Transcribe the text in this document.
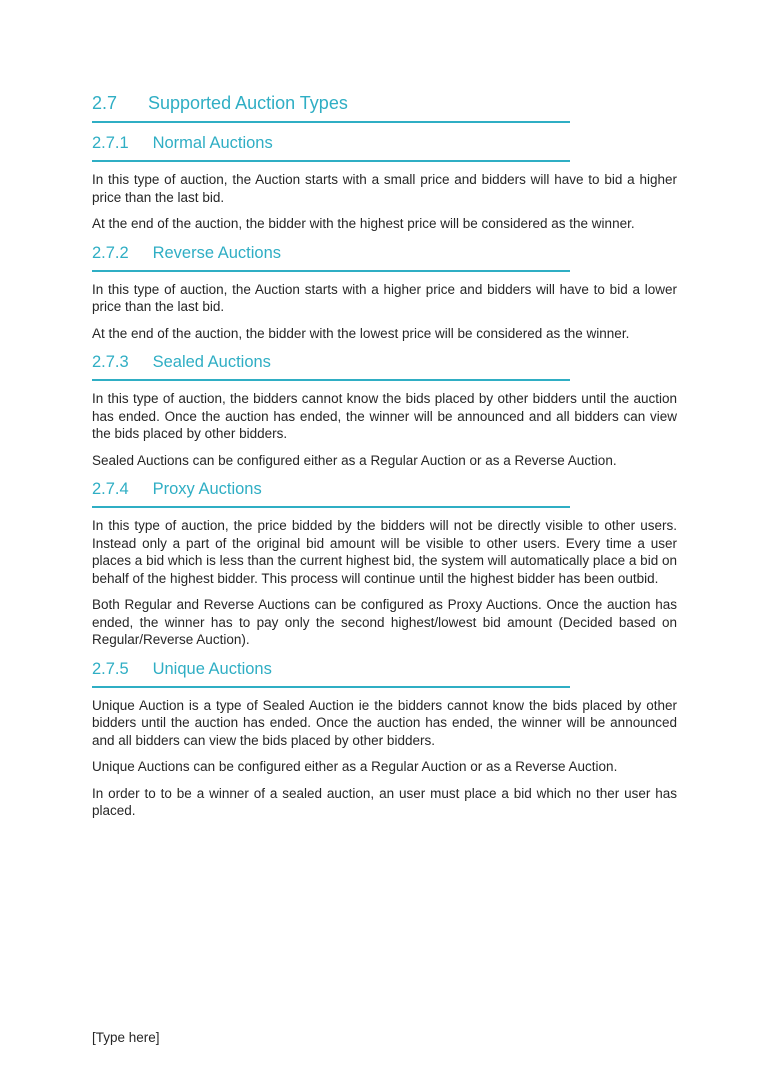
2.7 Supported Auction Types
2.7.1 Normal Auctions

In this type of auction, the Auction starts with a small price and bidders will have to bid a higher price than the last bid.

At the end of the auction, the bidder with the highest price will be considered as the winner.

2.7.2 Reverse Auctions

In this type of auction, the Auction starts with a higher price and bidders will have to bid a lower price than the last bid.

At the end of the auction, the bidder with the lowest price will be considered as the winner.

2.7.3 Sealed Auctions

In this type of auction, the bidders cannot know the bids placed by other bidders until the auction has ended. Once the auction has ended, the winner will be announced and all bidders can view the bids placed by other bidders.

Sealed Auctions can be configured either as a Regular Auction or as a Reverse Auction.

2.7.4 Proxy Auctions

In this type of auction, the price bidded by the bidders will not be directly visible to other users. Instead only a part of the original bid amount will be visible to other users. Every time a user places a bid which is less than the current highest bid, the system will automatically place a bid on behalf of the highest bidder. This process will continue until the highest bidder has been outbid.

Both Regular and Reverse Auctions can be configured as Proxy Auctions. Once the auction has ended, the winner has to pay only the second highest/lowest bid amount (Decided based on Regular/Reverse Auction).

2.7.5 Unique Auctions

Unique Auction is a type of Sealed Auction ie the bidders cannot know the bids placed by other bidders until the auction has ended. Once the auction has ended, the winner will be announced and all bidders can view the bids placed by other bidders.

Unique Auctions can be configured either as a Regular Auction or as a Reverse Auction.

In order to to be a winner of a sealed auction, an user must place a bid which no ther user has placed.

[Type here]
